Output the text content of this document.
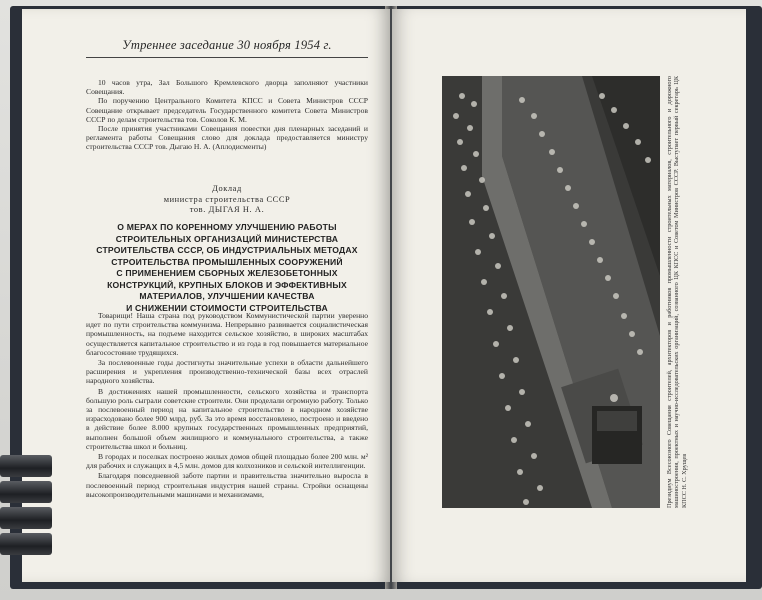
Утреннее заседание 30 ноября 1954 г.

10 часов утра, Зал Большого Кремлевского дворца заполняют участники Совещания.

По поручению Центрального Комитета КПСС и Совета Министров СССР Совещание открывает председатель Государственного комитета Совета Министров СССР по делам строительства тов. Соколов К. М.

После принятия участниками Совещания повестки дня пленарных заседаний и регламента работы Совещания слово для доклада предоставляется министру строительства СССР тов. Дыгаю Н. А. (Аплодисменты)

Доклад
министра строительства СССР
тов. ДЫГАЯ Н. А.
О МЕРАХ ПО КОРЕННОМУ УЛУЧШЕНИЮ РАБОТЫ
СТРОИТЕЛЬНЫХ ОРГАНИЗАЦИЙ МИНИСТЕРСТВА
СТРОИТЕЛЬСТВА СССР, ОБ ИНДУСТРИАЛЬНЫХ МЕТОДАХ
СТРОИТЕЛЬСТВА ПРОМЫШЛЕННЫХ СООРУЖЕНИЙ
С ПРИМЕНЕНИЕМ СБОРНЫХ ЖЕЛЕЗОБЕТОННЫХ
КОНСТРУКЦИЙ, КРУПНЫХ БЛОКОВ И ЭФФЕКТИВНЫХ
МАТЕРИАЛОВ, УЛУЧШЕНИИ КАЧЕСТВА
И СНИЖЕНИИ СТОИМОСТИ СТРОИТЕЛЬСТВА

Товарищи! Наша страна под руководством Коммунистической партии уверенно идет по пути строительства коммунизма. Непрерывно развивается социалистическая промышленность, на подъеме находится сельское хозяйство, в широких масштабах осуществляется капитальное строительство и из года в год повышается материальное благосостояние трудящихся.

За послевоенные годы достигнуты значительные успехи в области дальнейшего расширения и укрепления производственно-технической базы всех отраслей народного хозяйства.

В достижениях нашей промышленности, сельского хозяйства и транспорта большую роль сыграли советские строители. Они проделали огромную работу. Только за послевоенный период на капитальное строительство в народном хозяйстве израсходовано более 900 млрд. руб. За это время восстановлено, построено и введено в действие более 8.000 крупных государственных промышленных предприятий, выполнен большой объем жилищного и коммунального строительства, а также строительства школ и больниц.

В городах и поселках построено жилых домов общей площадью более 200 млн. м² для рабочих и служащих в 4,5 млн. домов для колхозников и сельской интеллигенции.

Благодаря повседневной заботе партии и правительства значительно выросла в послевоенный период строительная индустрия нашей страны. Стройки оснащены высокопроизводительными машинами и механизмами,	Президиум Всесоюзного Совещания строителей, архитекторов и работников промышленности строительных материалов, строительного и дорожного машиностроения, проектных и научно-исследовательских организаций, созванного ЦК КПСС и Советом Министров СССР. Выступает первый секретарь ЦК КПСС Н. С. Хрущев
